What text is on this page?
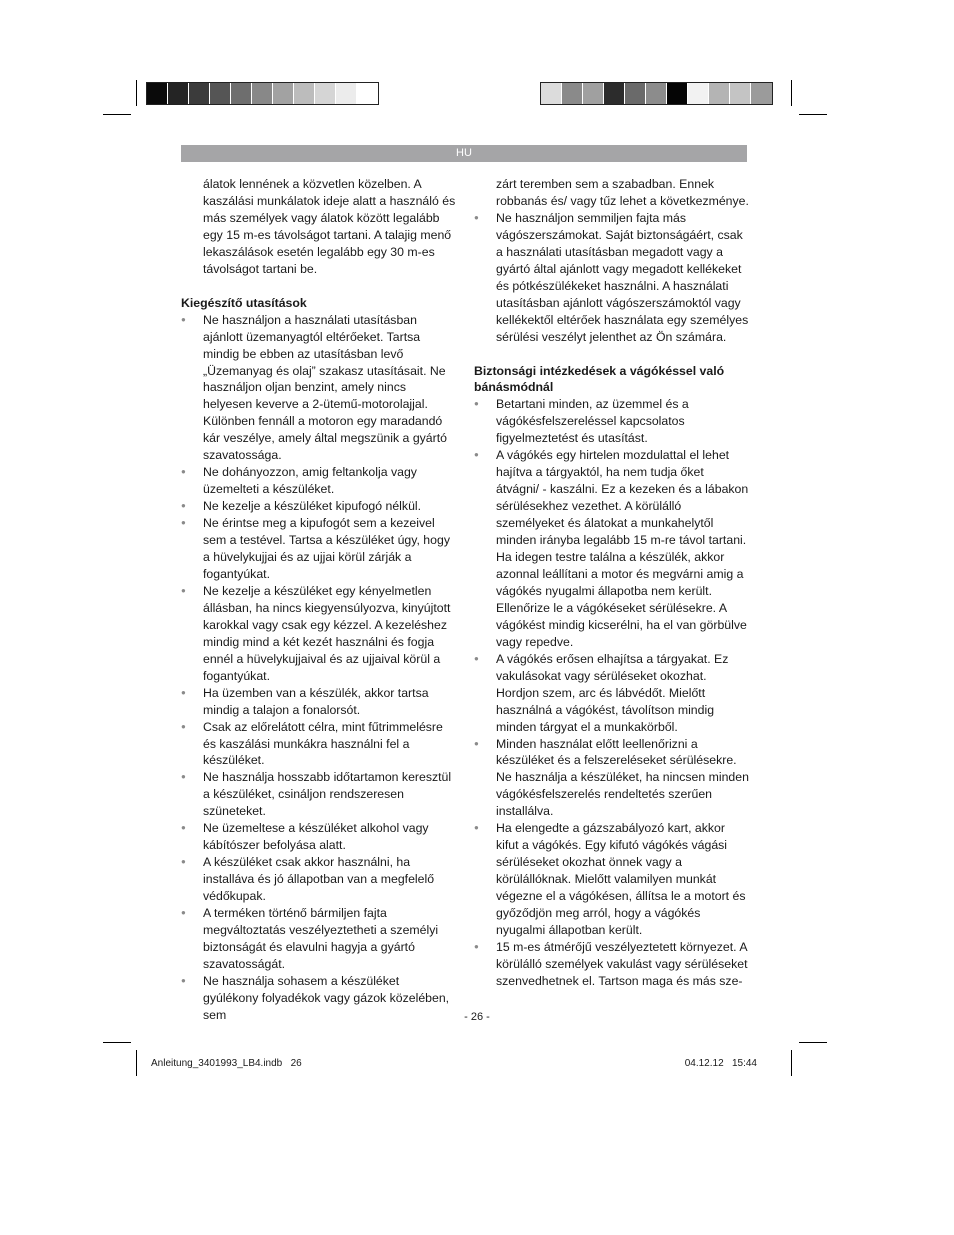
HU

álatok lennének a közvetlen közelben. A kaszálási munkálatok ideje alatt a használó és más személyek vagy álatok között legalább egy 15 m-es távolságot tartani. A talajig menő lekaszálások esetén legalább egy 30 m-es távolságot tartani be.

Kiegészítő utasítások

● Ne használjon a használati utasításban ajánlott üzemanyagtól eltérőeket. Tartsa mindig be ebben az utasításban levő „Üzemanyag és olaj” szakasz utasításait. Ne használjon oljan benzint, amely nincs helyesen keverve a 2-ütemű-motorolajjal. Különben fennáll a motoron egy maradandó kár veszélye, amely által megszünik a gyártó szavatossága.
● Ne dohányozzon, amig feltankolja vagy üzemelteti a készüléket.
● Ne kezelje a készüléket kipufogó nélkül.
● Ne érintse meg a kipufogót sem a kezeivel sem a testével. Tartsa a készüléket úgy, hogy a hüvelykujjai és az ujjai körül zárják a fogantyúkat.
● Ne kezelje a készüléket egy kényelmetlen állásban, ha nincs kiegyensúlyozva, kinyújtott karokkal vagy csak egy kézzel. A kezeléshez mindig mind a két kezét használni és fogja ennél a hüvelykujjaival és az ujjaival körül a fogantyúkat.
● Ha üzemben van a készülék, akkor tartsa mindig a talajon a fonalorsót.
● Csak az előrelátott célra, mint fűtrimmelésre és kaszálási munkákra használni fel a készüléket.
● Ne használja hosszabb időtartamon keresztül a készüléket, csináljon rendszeresen szüneteket.
● Ne üzemeltese a készüléket alkohol vagy kábítószer befolyása alatt.
● A készüléket csak akkor használni, ha installáva és jó állapotban van a megfelelő védőkupak.
● A terméken történő bármiljen fajta megváltoztatás veszélyeztetheti a személyi biztonságát és elavulni hagyja a gyártó szavatosságát.
● Ne használja sohasem a készüléket gyúlékony folyadékok vagy gázok közelében, sem

zárt teremben sem a szabadban. Ennek robbanás és/ vagy tűz lehet a következménye.

● Ne használjon semmiljen fajta más vágószerszámokat. Saját biztonságáért, csak a használati utasításban megadott vagy a gyártó által ajánlott vagy megadott kellékeket és pótkészülékeket használni. A használati utasításban ajánlott vágószerszámoktól vagy kellékektől eltérőek használata egy személyes sérülési veszélyt jelenthet az Ön számára.

Biztonsági intézkedések a vágókéssel való bánásmódnál

● Betartani minden, az üzemmel és a vágókésfelszereléssel kapcsolatos figyelmeztetést és utasítást.
● A vágókés egy hirtelen mozdulattal el lehet hajítva a tárgyaktól, ha nem tudja őket átvágni/ - kaszálni. Ez a kezeken és a lábakon sérülésekhez vezethet. A körülálló személyeket és álatokat a munkahelytől minden irányba legalább 15 m-re távol tartani. Ha idegen testre találna a készülék, akkor azonnal leállítani a motor és megvárni amig a vágókés nyugalmi állapotba nem került. Ellenőrize le a vágókéseket sérülésekre. A vágókést mindig kicserélni, ha el van görbülve vagy repedve.
● A vágókés erősen elhajítsa a tárgyakat. Ez vakulásokat vagy sérüléseket okozhat. Hordjon szem, arc és lábvédőt. Mielőtt használná a vágókést, távolítson mindig minden tárgyat el a munkakörből.
● Minden használat előtt leellenőrizni a készüléket és a felszereléseket sérülésekre. Ne használja a készüléket, ha nincsen minden vágókésfelszerelés rendeltetés szerűen installálva.
● Ha elengedte a gázszabályozó kart, akkor kifut a vágókés. Egy kifutó vágókés vágási sérüléseket okozhat önnek vagy a körülállóknak. Mielőtt valamilyen munkát végezne el a vágókésen, állítsa le a motort és győződjön meg arról, hogy a vágókés nyugalmi állapotban került.
● 15 m-es átmérőjű veszélyeztetett környezet. A körülálló személyek vakulást vagy sérüléseket szenvedhetnek el. Tartson maga és más sze-
- 26 -
Anleitung_3401993_LB4.indb   26	04.12.12   15:44
